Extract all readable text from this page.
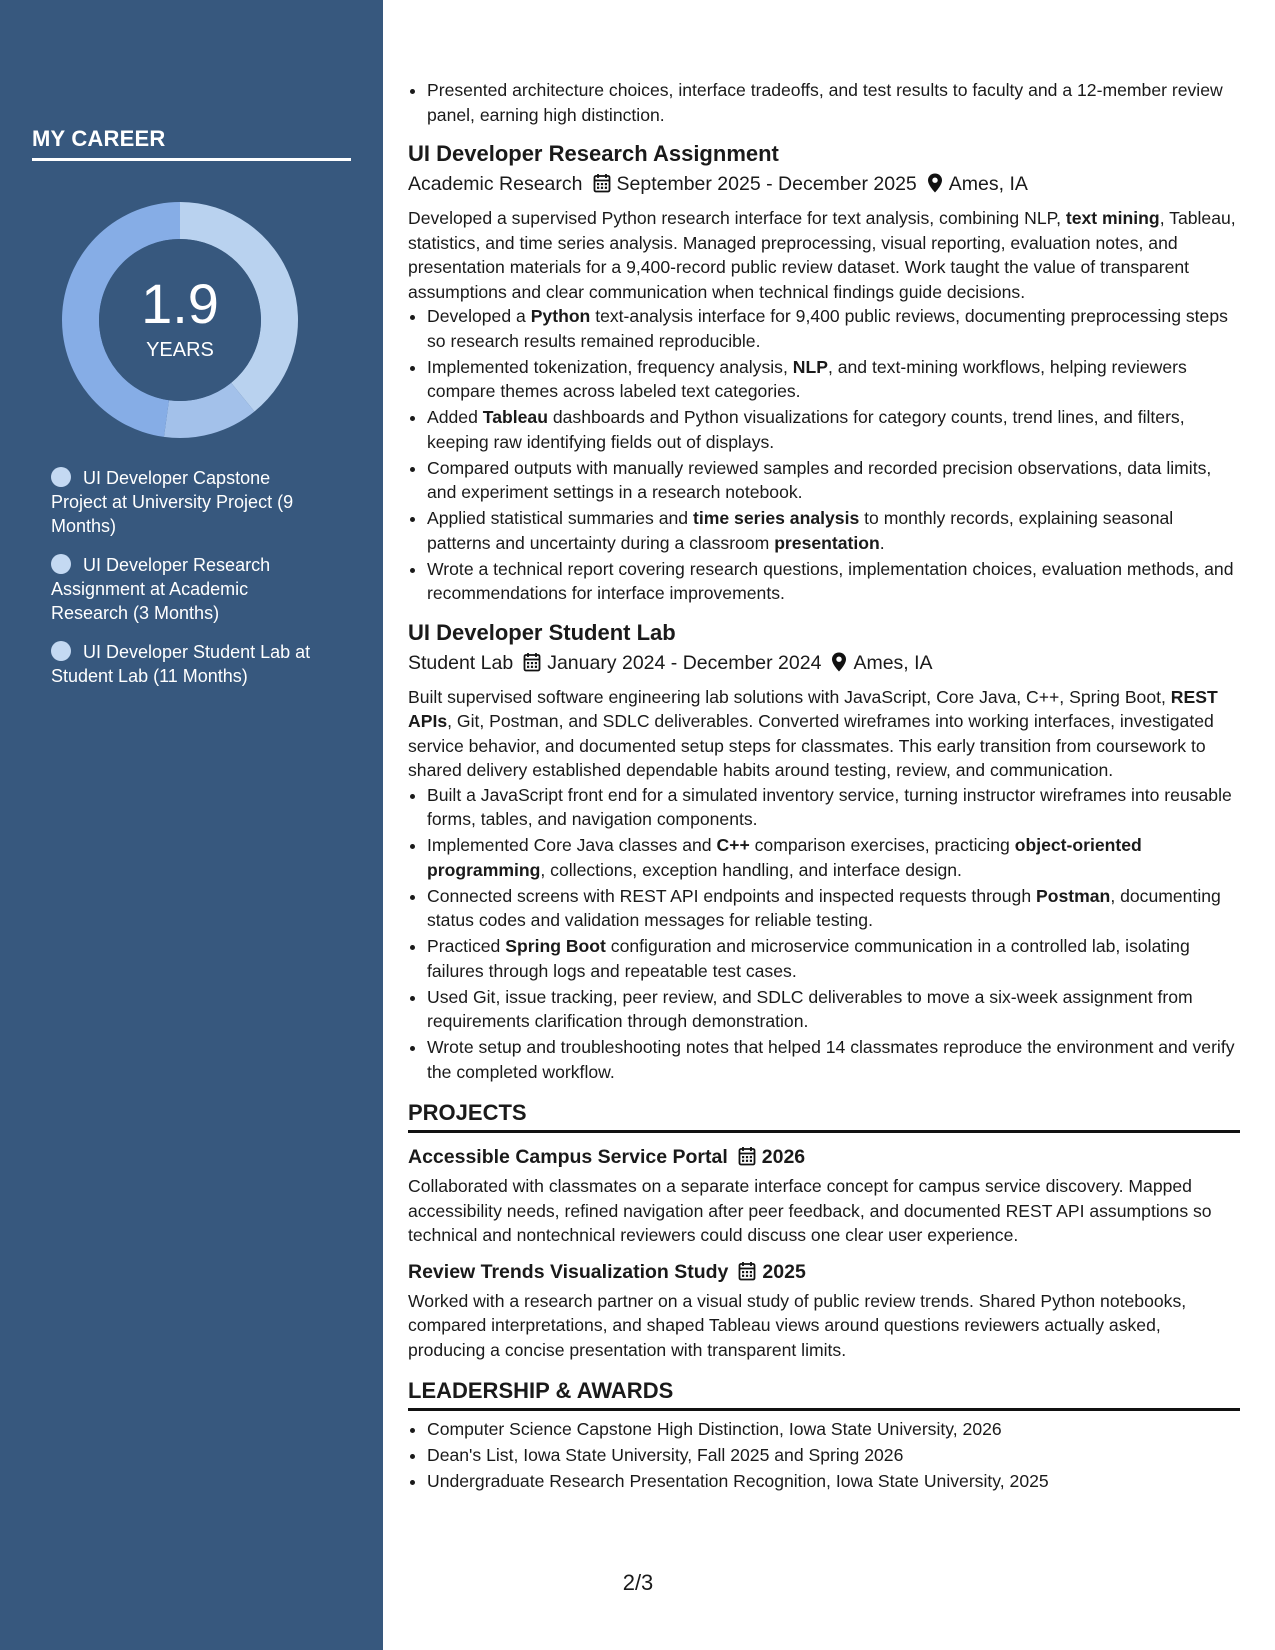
MY CAREER
1.9
YEARS
UI Developer Capstone Project at University Project (9 Months)
UI Developer Research Assignment at Academic Research (3 Months)
UI Developer Student Lab at Student Lab (11 Months)
• Presented architecture choices, interface tradeoffs, and test results to faculty and a 12-member review panel, earning high distinction.
UI Developer Research Assignment
Academic Research September 2025 - December 2025 Ames, IA

Developed a supervised Python research interface for text analysis, combining NLP, text mining, Tableau, statistics, and time series analysis. Managed preprocessing, visual reporting, evaluation notes, and presentation materials for a 9,400-record public review dataset. Work taught the value of transparent assumptions and clear communication when technical findings guide decisions.

• Developed a Python text-analysis interface for 9,400 public reviews, documenting preprocessing steps so research results remained reproducible.
• Implemented tokenization, frequency analysis, NLP, and text-mining workflows, helping reviewers compare themes across labeled text categories.
• Added Tableau dashboards and Python visualizations for category counts, trend lines, and filters, keeping raw identifying fields out of displays.
• Compared outputs with manually reviewed samples and recorded precision observations, data limits, and experiment settings in a research notebook.
• Applied statistical summaries and time series analysis to monthly records, explaining seasonal patterns and uncertainty during a classroom presentation.
• Wrote a technical report covering research questions, implementation choices, evaluation methods, and recommendations for interface improvements.
UI Developer Student Lab
Student Lab January 2024 - December 2024 Ames, IA

Built supervised software engineering lab solutions with JavaScript, Core Java, C++, Spring Boot, REST APIs, Git, Postman, and SDLC deliverables. Converted wireframes into working interfaces, investigated service behavior, and documented setup steps for classmates. This early transition from coursework to shared delivery established dependable habits around testing, review, and communication.

• Built a JavaScript front end for a simulated inventory service, turning instructor wireframes into reusable forms, tables, and navigation components.
• Implemented Core Java classes and C++ comparison exercises, practicing object-oriented programming, collections, exception handling, and interface design.
• Connected screens with REST API endpoints and inspected requests through Postman, documenting status codes and validation messages for reliable testing.
• Practiced Spring Boot configuration and microservice communication in a controlled lab, isolating failures through logs and repeatable test cases.
• Used Git, issue tracking, peer review, and SDLC deliverables to move a six-week assignment from requirements clarification through demonstration.
• Wrote setup and troubleshooting notes that helped 14 classmates reproduce the environment and verify the completed workflow.
PROJECTS
Accessible Campus Service Portal 2026

Collaborated with classmates on a separate interface concept for campus service discovery. Mapped accessibility needs, refined navigation after peer feedback, and documented REST API assumptions so technical and nontechnical reviewers could discuss one clear user experience.

Review Trends Visualization Study 2025

Worked with a research partner on a visual study of public review trends. Shared Python notebooks, compared interpretations, and shaped Tableau views around questions reviewers actually asked, producing a concise presentation with transparent limits.

LEADERSHIP & AWARDS
• Computer Science Capstone High Distinction, Iowa State University, 2026
• Dean's List, Iowa State University, Fall 2025 and Spring 2026
• Undergraduate Research Presentation Recognition, Iowa State University, 2025
2/3
